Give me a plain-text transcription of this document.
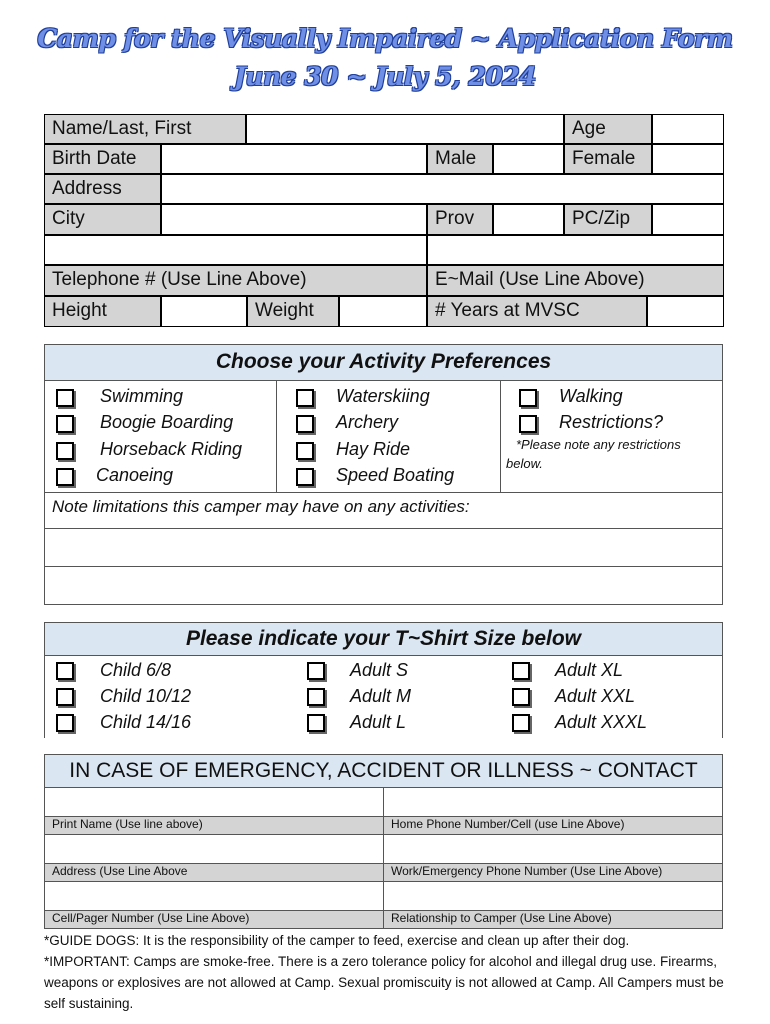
Camp for the Visually Impaired ~ Application Form
June 30 ~ July 5, 2024
Name/Last, First	Age
Birth Date	Male	Female
Address
City	Prov	PC/Zip
Telephone # (Use Line Above)	E~Mail (Use Line Above)
Height	Weight	# Years at MVSC
Choose your Activity Preferences
Swimming
Boogie Boarding
Horseback Riding
Canoeing
Waterskiing
Archery
Hay Ride
Speed Boating
Walking
Restrictions?
*Please note any restrictions below.
Note limitations this camper may have on any activities:
Please indicate your T~Shirt Size below
Child 6/8
Child 10/12
Child 14/16
Adult S
Adult M
Adult L
Adult XL
Adult XXL
Adult XXXL
IN CASE OF EMERGENCY, ACCIDENT OR ILLNESS ~ CONTACT
Print Name (Use line above)	Home Phone Number/Cell (use Line Above)
Address (Use Line Above	Work/Emergency Phone Number (Use Line Above)
Cell/Pager Number (Use Line Above)	Relationship to Camper (Use Line Above)
*GUIDE DOGS: It is the responsibility of the camper to feed, exercise and clean up after their dog.
*IMPORTANT: Camps are smoke-free. There is a zero tolerance policy for alcohol and illegal drug use. Firearms, weapons or explosives are not allowed at Camp. Sexual promiscuity is not allowed at Camp. All Campers must be self sustaining.
